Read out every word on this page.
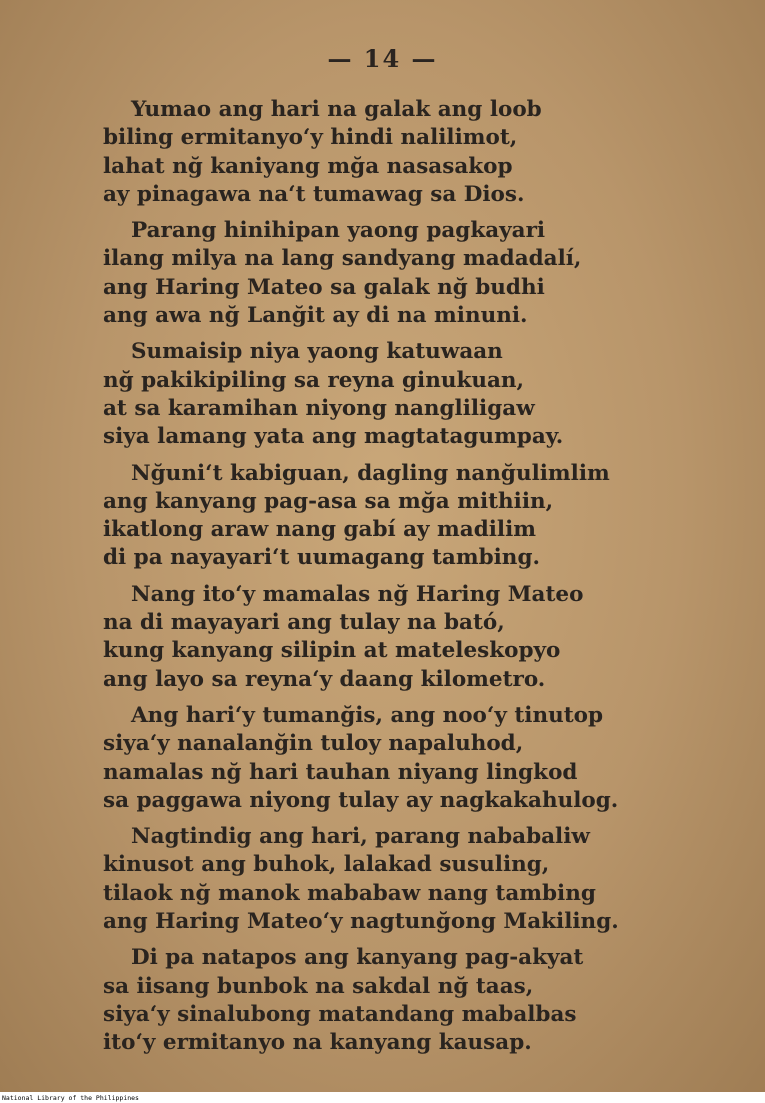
— 14 —
Yumao ang hari na galak ang loob
biling ermitanyo‘y hindi nalilimot,
lahat nğ kaniyang mğa nasasakop
ay pinagawa na‘t tumawag sa Dios.
Parang hinihipan yaong pagkayari
ilang milya na lang sandyang madadalí,
ang Haring Mateo sa galak nğ budhi
ang awa nğ Lanğit ay di na minuni.
Sumaisip niya yaong katuwaan
nğ pakikipiling sa reyna ginukuan,
at sa karamihan niyong nangliligaw
siya lamang yata ang magtatagumpay.
Nğuni‘t kabiguan, dagling nanğulimlim
ang kanyang pag-asa sa mğa mithiin,
ikatlong araw nang gabí ay madilim
di pa nayayari‘t uumagang tambing.
Nang ito‘y mamalas nğ Haring Mateo
na di mayayari ang tulay na bató,
kung kanyang silipin at mateleskopyo
ang layo sa reyna‘y daang kilometro.
Ang hari‘y tumanğis, ang noo‘y tinutop
siya‘y nanalanğin tuloy napaluhod,
namalas nğ hari tauhan niyang lingkod
sa paggawa niyong tulay ay nagkakahulog.
Nagtindig ang hari, parang nababaliw
kinusot ang buhok, lalakad susuling,
tilaok nğ manok mababaw nang tambing
ang Haring Mateo‘y nagtunğong Makiling.
Di pa natapos ang kanyang pag-akyat
sa iisang bunbok na sakdal nğ taas,
siya‘y sinalubong matandang mabalbas
ito‘y ermitanyo na kanyang kausap.
National Library of the Philippines
